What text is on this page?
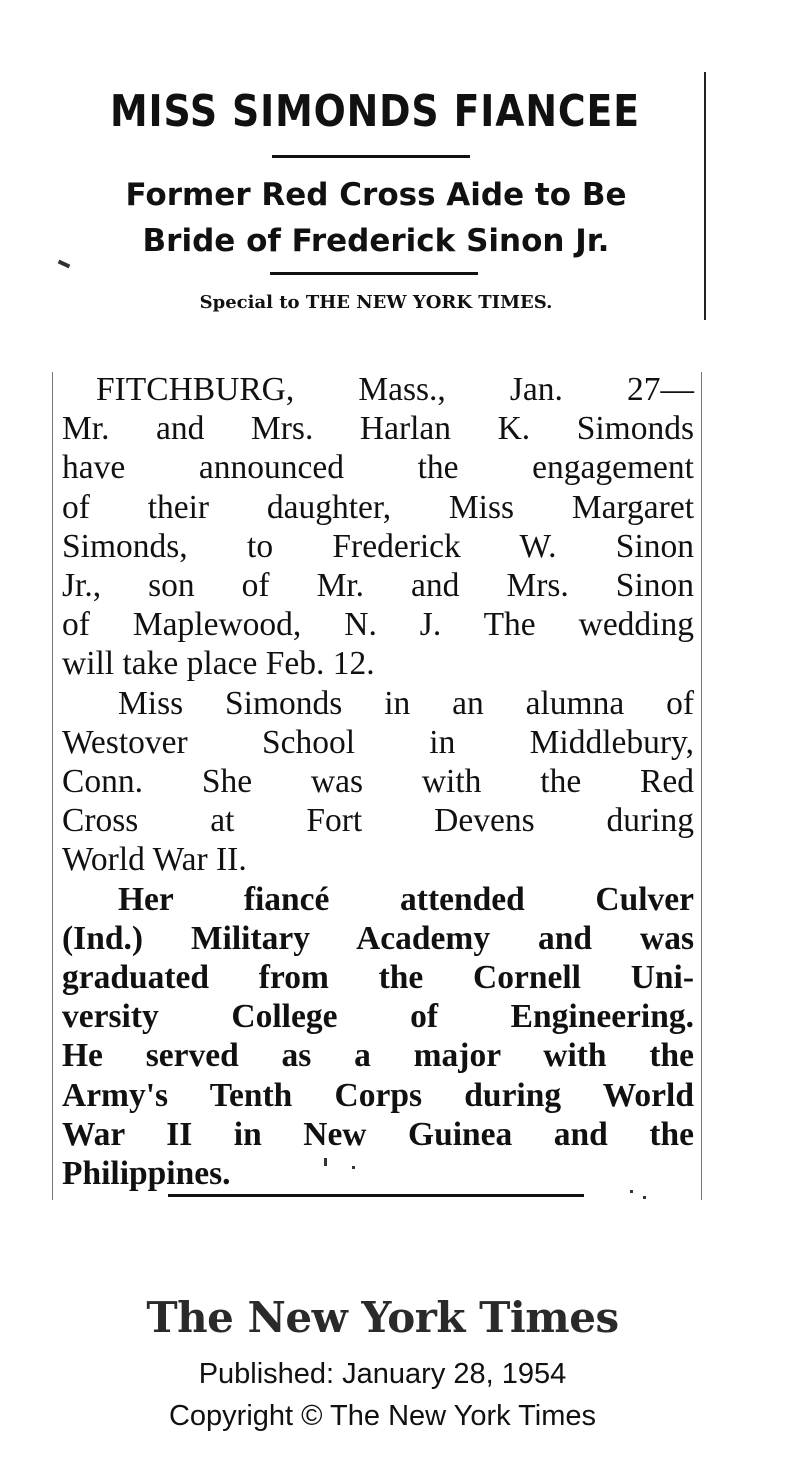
MISS SIMONDS FIANCEE
Former Red Cross Aide to Be
Bride of Frederick Sinon Jr.
Special to THE NEW YORK TIMES.
FITCHBURG, Mass., Jan. 27—
Mr. and Mrs. Harlan K. Simonds
have announced the engagement
of their daughter, Miss Margaret
Simonds, to Frederick W. Sinon
Jr., son of Mr. and Mrs. Sinon
of Maplewood, N. J. The wedding
will take place Feb. 12.
Miss Simonds in an alumna of
Westover School in Middlebury,
Conn. She was with the Red
Cross at Fort Devens during
World War II.
Her fiancé attended Culver
(Ind.) Military Academy and was
graduated from the Cornell Uni-
versity College of Engineering.
He served as a major with the
Army's Tenth Corps during World
War II in New Guinea and the
Philippines.
The New York Times
Published: January 28, 1954
Copyright © The New York Times
